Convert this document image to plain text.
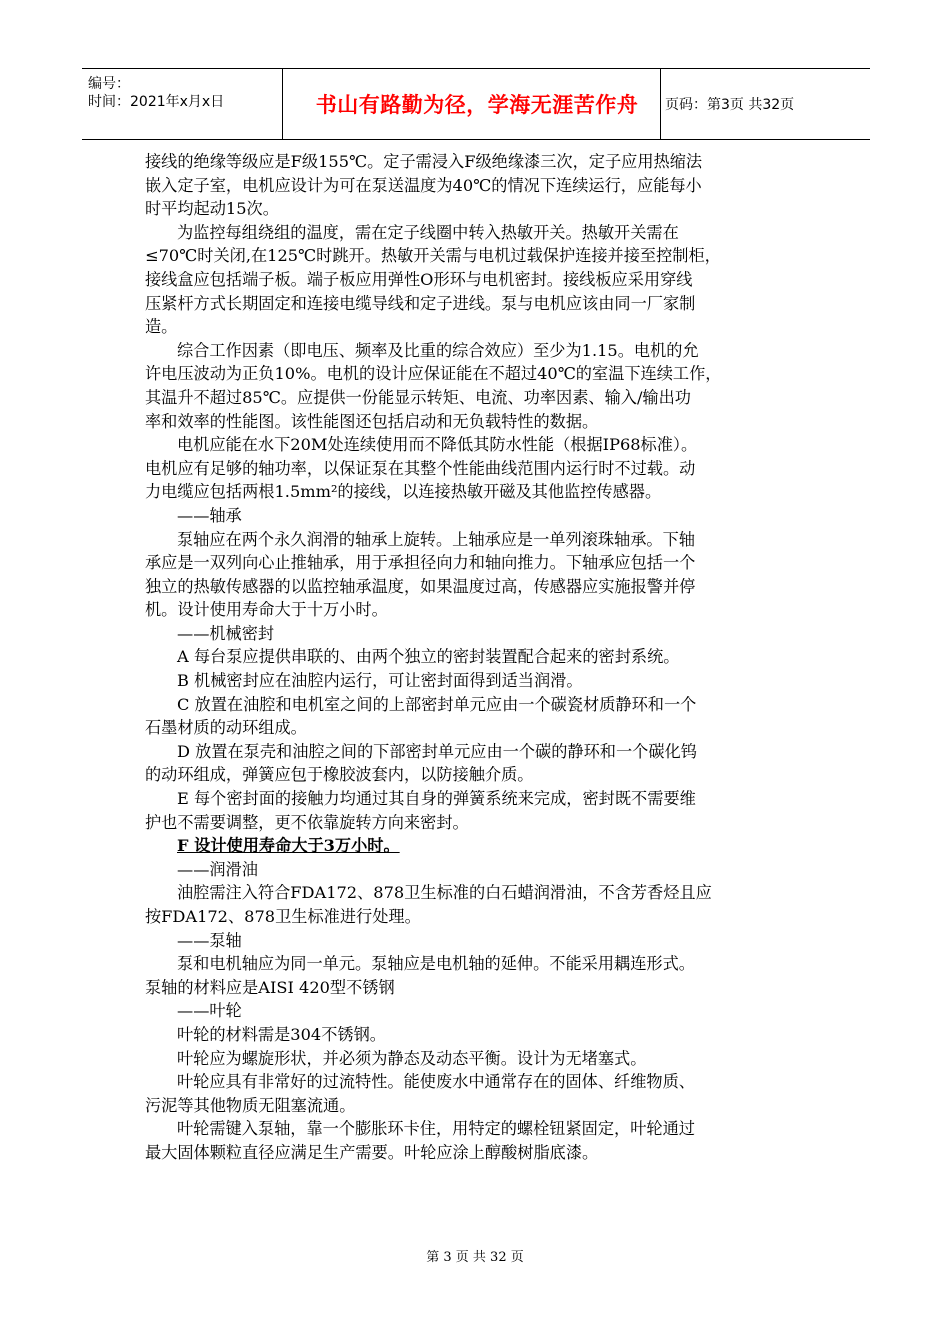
编号：
时间：2021年x月x日	书山有路勤为径，学海无涯苦作舟	页码：第3页 共32页

接线的绝缘等级应是F级155℃。定子需浸入F级绝缘漆三次，定子应用热缩法

嵌入定子室，电机应设计为可在泵送温度为40℃的情况下连续运行，应能每小

时平均起动15次。

为监控每组绕组的温度，需在定子线圈中转入热敏开关。热敏开关需在

≤70℃时关闭,在125℃时跳开。热敏开关需与电机过载保护连接并接至控制柜，

接线盒应包括端子板。端子板应用弹性O形环与电机密封。接线板应采用穿线

压紧杆方式长期固定和连接电缆导线和定子进线。泵与电机应该由同一厂家制

造。

综合工作因素（即电压、频率及比重的综合效应）至少为1.15。电机的允

许电压波动为正负10%。电机的设计应保证能在不超过40℃的室温下连续工作，

其温升不超过85℃。应提供一份能显示转矩、电流、功率因素、输入/输出功

率和效率的性能图。该性能图还包括启动和无负载特性的数据。

电机应能在水下20M处连续使用而不降低其防水性能（根据IP68标准）。

电机应有足够的轴功率，以保证泵在其整个性能曲线范围内运行时不过载。动

力电缆应包括两根1.5mm²的接线，以连接热敏开磁及其他监控传感器。

——轴承

泵轴应在两个永久润滑的轴承上旋转。上轴承应是一单列滚珠轴承。下轴

承应是一双列向心止推轴承，用于承担径向力和轴向推力。下轴承应包括一个

独立的热敏传感器的以监控轴承温度，如果温度过高，传感器应实施报警并停

机。设计使用寿命大于十万小时。

——机械密封

A 每台泵应提供串联的、由两个独立的密封装置配合起来的密封系统。

B 机械密封应在油腔内运行，可让密封面得到适当润滑。

C 放置在油腔和电机室之间的上部密封单元应由一个碳瓷材质静环和一个

石墨材质的动环组成。

D 放置在泵壳和油腔之间的下部密封单元应由一个碳的静环和一个碳化钨

的动环组成，弹簧应包于橡胶波套内，以防接触介质。

E 每个密封面的接触力均通过其自身的弹簧系统来完成，密封既不需要维

护也不需要调整，更不依靠旋转方向来密封。

F 设计使用寿命大于3万小时。

——润滑油

油腔需注入符合FDA172、878卫生标准的白石蜡润滑油，不含芳香烃且应

按FDA172、878卫生标准进行处理。

——泵轴

泵和电机轴应为同一单元。泵轴应是电机轴的延伸。不能采用耦连形式。

泵轴的材料应是AISI 420型不锈钢

——叶轮

叶轮的材料需是304不锈钢。

叶轮应为螺旋形状，并必须为静态及动态平衡。设计为无堵塞式。

叶轮应具有非常好的过流特性。能使废水中通常存在的固体、纤维物质、

污泥等其他物质无阻塞流通。

叶轮需键入泵轴，靠一个膨胀环卡住，用特定的螺栓钮紧固定，叶轮通过

最大固体颗粒直径应满足生产需要。叶轮应涂上醇酸树脂底漆。

第 3 页 共 32 页
